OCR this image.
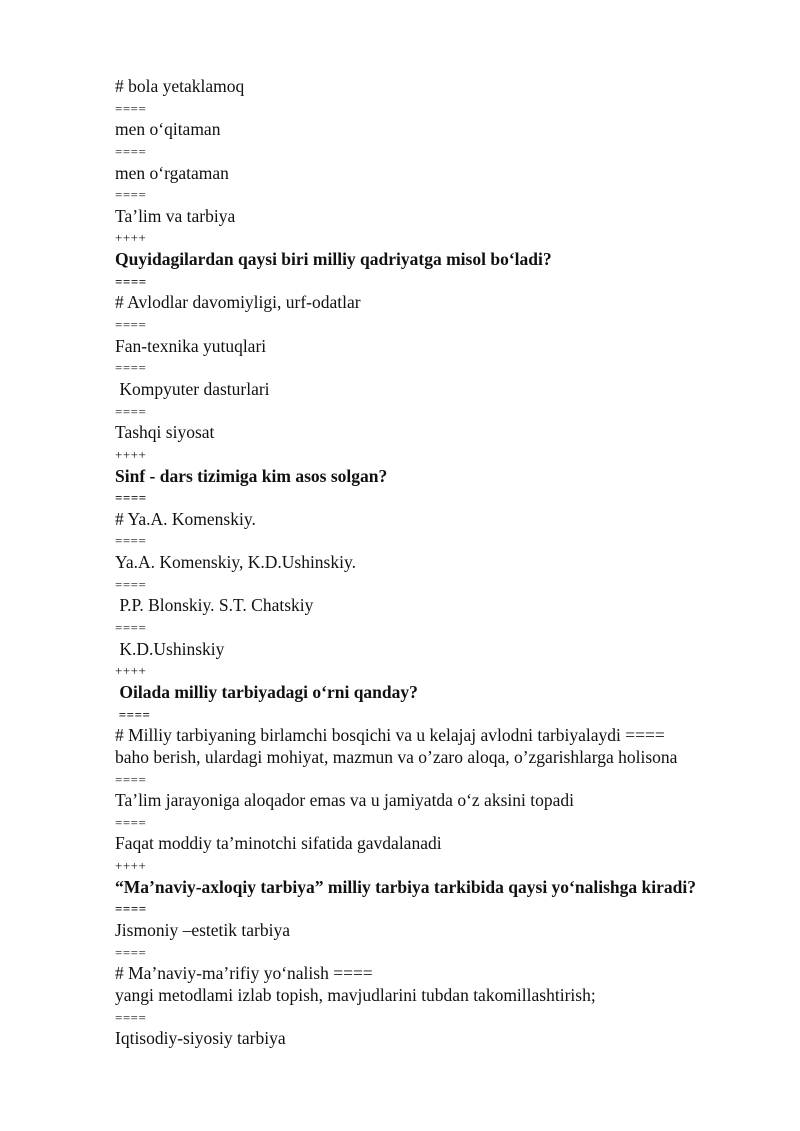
# bola yetaklamoq
====
men o‘qitaman
====
men o‘rgataman
====
Ta’lim va tarbiya
++++
Quyidagilardan qaysi biri milliy qadriyatga misol bo‘ladi?
====
# Avlodlar davomiyligi, urf-odatlar
====
Fan-texnika yutuqlari
====
Kompyuter dasturlari
====
Tashqi siyosat
++++
Sinf - dars tizimiga kim asos solgan?
====
# Ya.A. Komenskiy.
====
Ya.A. Komenskiy, K.D.Ushinskiy.
====
P.P. Blonskiy. S.T. Chatskiy
====
K.D.Ushinskiy
++++
Oilada milliy tarbiyadagi o‘rni qanday?
====
# Milliy tarbiyaning birlamchi bosqichi va u kelajaj avlodni tarbiyalaydi ====
baho berish, ulardagi mohiyat, mazmun va o’zaro aloqa, o’zgarishlarga holisona
====
Ta’lim jarayoniga aloqador emas va u jamiyatda o‘z aksini topadi
====
Faqat moddiy ta’minotchi sifatida gavdalanadi
++++
“Ma’naviy-axloqiy tarbiya” milliy tarbiya tarkibida qaysi yo‘nalishga kiradi?
====
Jismoniy –estetik tarbiya
====
# Ma’naviy-ma’rifiy yo‘nalish ====
yangi metodlami izlab topish, mavjudlarini tubdan takomillashtirish;
====
Iqtisodiy-siyosiy tarbiya
